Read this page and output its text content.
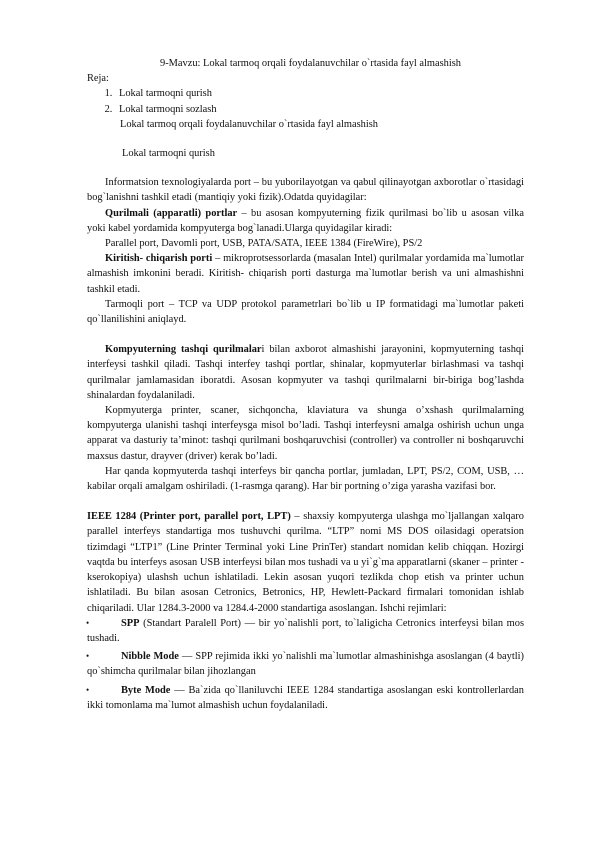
9-Mavzu: Lokal tarmoq orqali foydalanuvchilar o`rtasida fayl almashish
Reja:
1. Lokal tarmoqni qurish
2. Lokal tarmoqni sozlash
Lokal tarmoq orqali foydalanuvchilar o`rtasida fayl almashish
Lokal tarmoqni qurish

Informatsion texnologiyalarda port – bu yuborilayotgan va qabul qilinayotgan axborotlar o`rtasidagi bog`lanishni tashkil etadi (mantiqiy yoki fizik).Odatda quyidagilar:

Qurilmali (apparatli) portlar – bu asosan kompyuterning fizik qurilmasi bo`lib u asosan vilka yoki kabel yordamida kompyuterga bog`lanadi.Ularga quyidagilar kiradi:

Parallel port, Davomli port, USB, PATA/SATA, IEEE 1384 (FireWire), PS/2

Kiritish- chiqarish porti – mikroprotsessorlarda (masalan Intel) qurilmalar yordamida ma`lumotlar almashish imkonini beradi. Kiritish- chiqarish porti dasturga ma`lumotlar berish va uni almashishni tashkil etadi.

Tarmoqli port – TCP va UDP protokol parametrlari bo`lib u IP formatidagi ma`lumotlar paketi qo`llanilishini aniqlayd.

Kompyuterning tashqi qurilmalari bilan axborot almashishi jarayonini, kopmyuterning tashqi interfeysi tashkil qiladi. Tashqi interfey tashqi portlar, shinalar, kopmyuterlar birlashmasi va tashqi qurilmalar jamlamasidan iboratdi. Asosan kopmyuter va tashqi qurilmalarni bir-biriga bog’lashda shinalardan foydalaniladi.

Kopmyuterga printer, scaner, sichqoncha, klaviatura va shunga o’xshash qurilmalarning kompyuterga ulanishi tashqi interfeysga misol bo’ladi. Tashqi interfeysni amalga oshirish uchun unga apparat va dasturiy ta’minot: tashqi qurilmani boshqaruvchisi (controller) va controller ni boshqaruvchi maxsus dastur, drayver (driver) kerak bo’ladi.

Har qanda kopmyuterda tashqi interfeys bir qancha portlar, jumladan, LPT, PS/2, COM, USB, … kabilar orqali amalgam oshiriladi. (1-rasmga qarang). Har bir portning o’ziga yarasha vazifasi bor.

IEEE 1284 (Printer port, parallel port, LPT) – shaxsiy kompyuterga ulashga mo`ljallangan xalqaro parallel interfeys standartiga mos tushuvchi qurilma. “LTP” nomi MS DOS oilasidagi operatsion tizimdagi “LTP1” (Line Printer Terminal yoki Line PrinTer) standart nomidan kelib chiqqan. Hozirgi vaqtda bu interfeys asosan USB interfeysi bilan mos tushadi va u yi`g`ma apparatlarni (skaner – printer - kserokopiya) ulashsh uchun ishlatiladi. Lekin asosan yuqori tezlikda chop etish va printer uchun ishlatiladi. Bu bilan asosan Cetronics, Betronics, HP, Hewlett-Packard firmalari tomonidan ishlab chiqariladi. Ular 1284.3-2000 va 1284.4-2000 standartiga asoslangan. Ishchi rejimlari:

•	SPP (Standart Paralell Port) — bir yo`nalishli port, to`laligicha Cetronics interfeysi bilan mos tushadi.
•	Nibble Mode — SPP rejimida ikki yo`nalishli ma`lumotlar almashinishga asoslangan (4 baytli) qo`shimcha qurilmalar bilan jihozlangan
•	Byte Mode — Ba`zida qo`llaniluvchi IEEE 1284 standartiga asoslangan eski kontrollerlardan ikki tomonlama ma`lumot almashish uchun foydalaniladi.
